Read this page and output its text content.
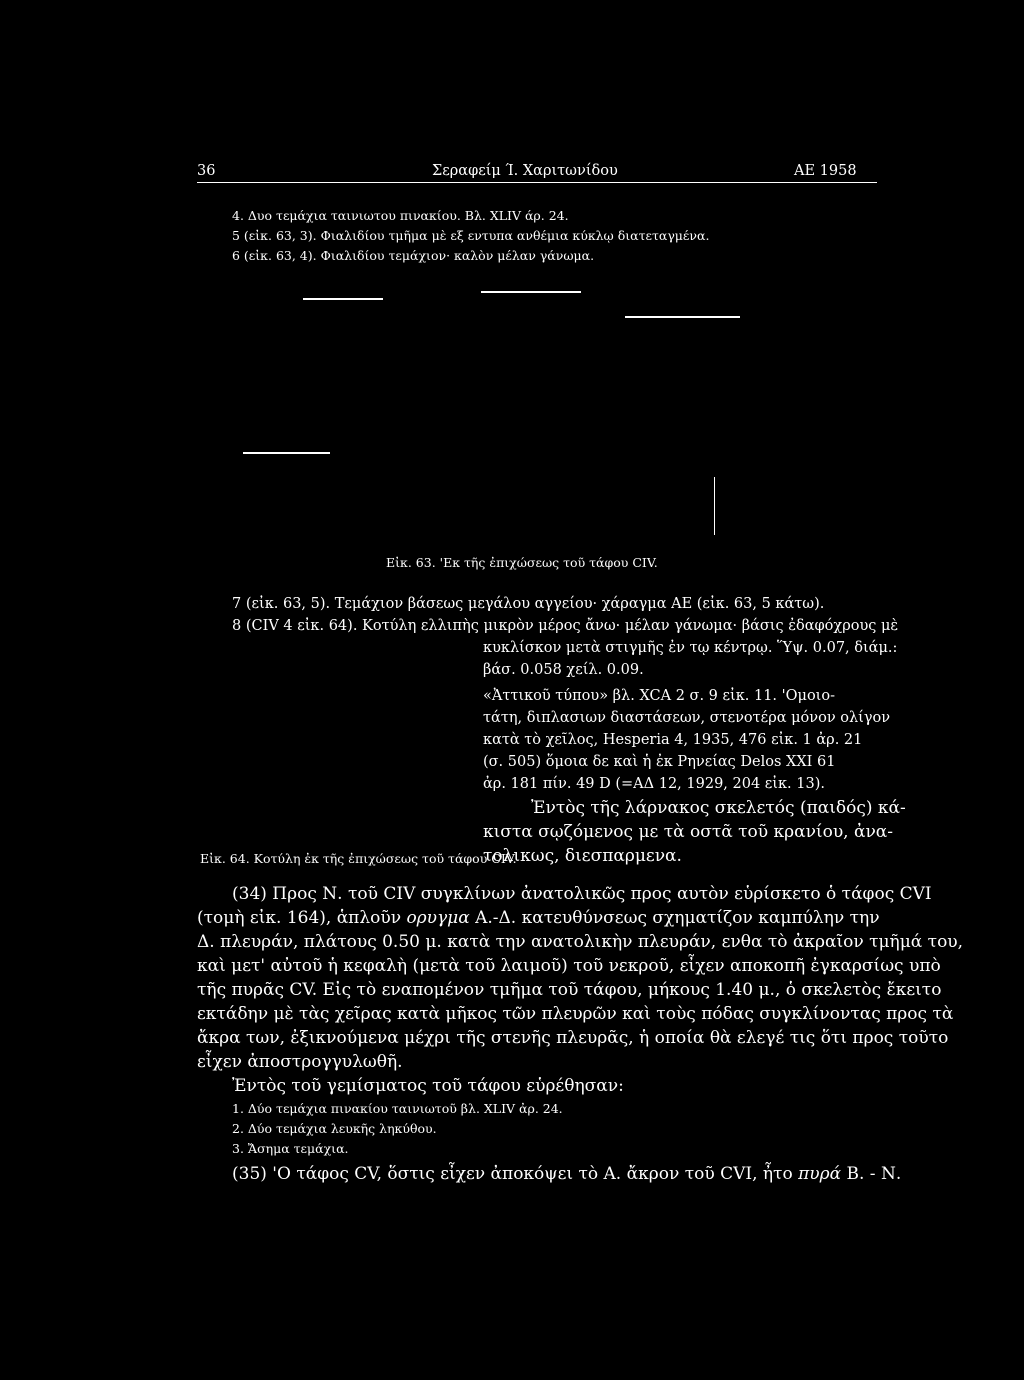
36	Σεραφείμ Ί. Χαριτωνίδου	ΑΕ 1958
4. Δυο τεμάχια ταινιωτου πινακίου. Βλ. XLIV άρ. 24.
5 (εἰκ. 63, 3). Φιαλιδίου τμῆμα μὲ εξ εντυπα ανθέμια κύκλῳ διατεταγμένα.
6 (εἰκ. 63, 4). Φιαλιδίου τεμάχιον· καλὸν μέλαν γάνωμα.
Εἰκ. 63. 'Εκ τῆς ἐπιχώσεως τοῦ τάφου CIV.
7 (εἰκ. 63, 5). Τεμάχιον βάσεως μεγάλου αγγείου· χάραγμα ΑΕ (εἰκ. 63, 5 κάτω).
8 (CIV 4 εἰκ. 64). Κοτύλη ελλιπὴς μικρὸν μέρος ἄνω· μέλαν γάνωμα· βάσις ἐδαφόχρους μὲ
κυκλίσκον μετὰ στιγμῆς ἐν τῳ κέντρῳ. Ὕψ. 0.07, διάμ.:
βάσ. 0.058 χείλ. 0.09.
«Ἀττικοῦ τύπου» βλ. XCA 2 σ. 9 εἰκ. 11. 'Ομοιο-
τάτη, διπλασιων διαστάσεων, στενοτέρα μόνον ολίγον
κατὰ τὸ χεῖλος, Hesperia 4, 1935, 476 εἰκ. 1 ἀρ. 21
(σ. 505) ὅμοια δε καὶ ἡ ἐκ Ρηνείας Delos XXI 61
ἀρ. 181 πίν. 49 D (=ΑΔ 12, 1929, 204 εἰκ. 13).
Ἐντὸς τῆς λάρνακος σκελετός (παιδός) κά-
κιστα σῳζόμενος με τὰ οστᾶ τοῦ κρανίου, ἀνα-
τολικως, διεσπαρμενα.
Εἰκ. 64. Κοτύλη ἐκ τῆς ἐπιχώσεως τοῦ τάφου CIV.
(34) Προς Ν. τοῦ CIV συγκλίνων ἀνατολικῶς προς αυτὸν εὑρίσκετο ὁ τάφος CVI
(τομὴ εἰκ. 164), ἁπλοῦν ορυγμα Α.-Δ. κατευθύνσεως σχηματίζον καμπύλην την
Δ. πλευράν, πλάτους 0.50 μ. κατὰ την ανατολικὴν πλευράν, ενθα τὸ ἀκραῖον τμῆμά του,
καὶ μετ' αὐτοῦ ἡ κεφαλὴ (μετὰ τοῦ λαιμοῦ) τοῦ νεκροῦ, εἶχεν αποκοπῆ ἐγκαρσίως υπὸ
τῆς πυρᾶς CV. Εἰς τὸ εναπομένον τμῆμα τοῦ τάφου, μήκους 1.40 μ., ὁ σκελετὸς ἔκειτο
εκτάδην μὲ τὰς χεῖρας κατὰ μῆκος τῶν πλευρῶν καὶ τοὺς πόδας συγκλίνοντας προς τὰ
ἄκρα των, ἐξικνούμενα μέχρι τῆς στενῆς πλευρᾶς, ἡ οποία θὰ ελεγέ τις ὅτι προς τοῦτο
εἶχεν ἀποστρογγυλωθῆ.
Ἐντὸς τοῦ γεμίσματος τοῦ τάφου εὑρέθησαν:
1. Δύο τεμάχια πινακίου ταινιωτοῦ βλ. XLIV ἀρ. 24.
2. Δύο τεμάχια λευκῆς ληκύθου.
3. Ἄσημα τεμάχια.
(35) 'Ο τάφος CV, ὅστις εἶχεν ἀποκόψει τὸ Α. ἄκρον τοῦ CVI, ἦτο πυρά Β. - Ν.
